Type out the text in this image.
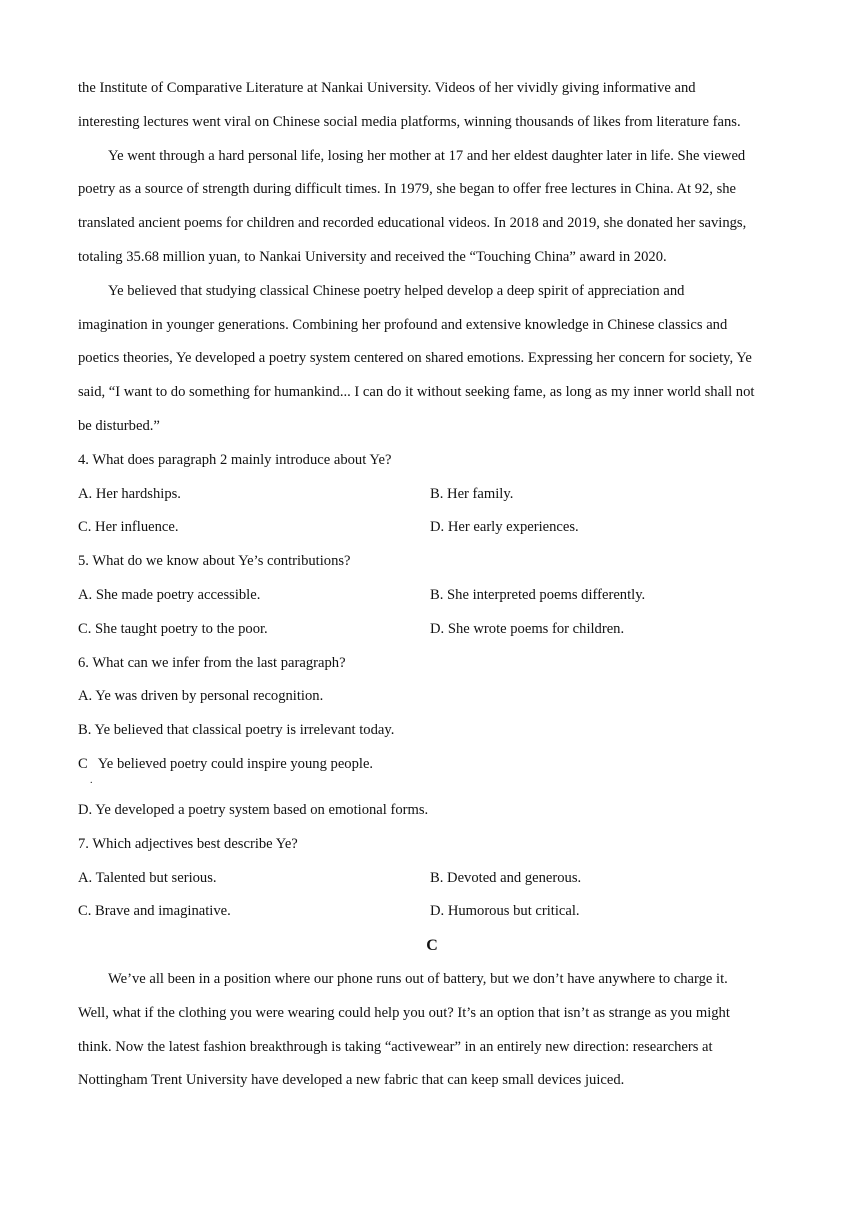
the Institute of Comparative Literature at Nankai University. Videos of her vividly giving informative and
interesting lectures went viral on Chinese social media platforms, winning thousands of likes from literature fans.
Ye went through a hard personal life, losing her mother at 17 and her eldest daughter later in life. She viewed
poetry as a source of strength during difficult times. In 1979, she began to offer free lectures in China. At 92, she
translated ancient poems for children and recorded educational videos. In 2018 and 2019, she donated her savings,
totaling 35.68 million yuan, to Nankai University and received the “Touching China” award in 2020.
Ye believed that studying classical Chinese poetry helped develop a deep spirit of appreciation and
imagination in younger generations. Combining her profound and extensive knowledge in Chinese classics and
poetics theories, Ye developed a poetry system centered on shared emotions. Expressing her concern for society, Ye
said, “I want to do something for humankind... I can do it without seeking fame, as long as my inner world shall not
be disturbed.”
4. What does paragraph 2 mainly introduce about Ye?
A. Her hardships.	B. Her family.
C. Her influence.	D. Her early experiences.
5. What do we know about Ye’s contributions?
A. She made poetry accessible.	B. She interpreted poems differently.
C. She taught poetry to the poor.	D. She wrote poems for children.
6. What can we infer from the last paragraph?
A. Ye was driven by personal recognition.
B. Ye believed that classical poetry is irrelevant today.
C Ye believed poetry could inspire young people.
.
D. Ye developed a poetry system based on emotional forms.
7. Which adjectives best describe Ye?
A. Talented but serious.	B. Devoted and generous.
C. Brave and imaginative.	D. Humorous but critical.
C
We’ve all been in a position where our phone runs out of battery, but we don’t have anywhere to charge it.
Well, what if the clothing you were wearing could help you out? It’s an option that isn’t as strange as you might
think. Now the latest fashion breakthrough is taking “activewear” in an entirely new direction: researchers at
Nottingham Trent University have developed a new fabric that can keep small devices juiced.
